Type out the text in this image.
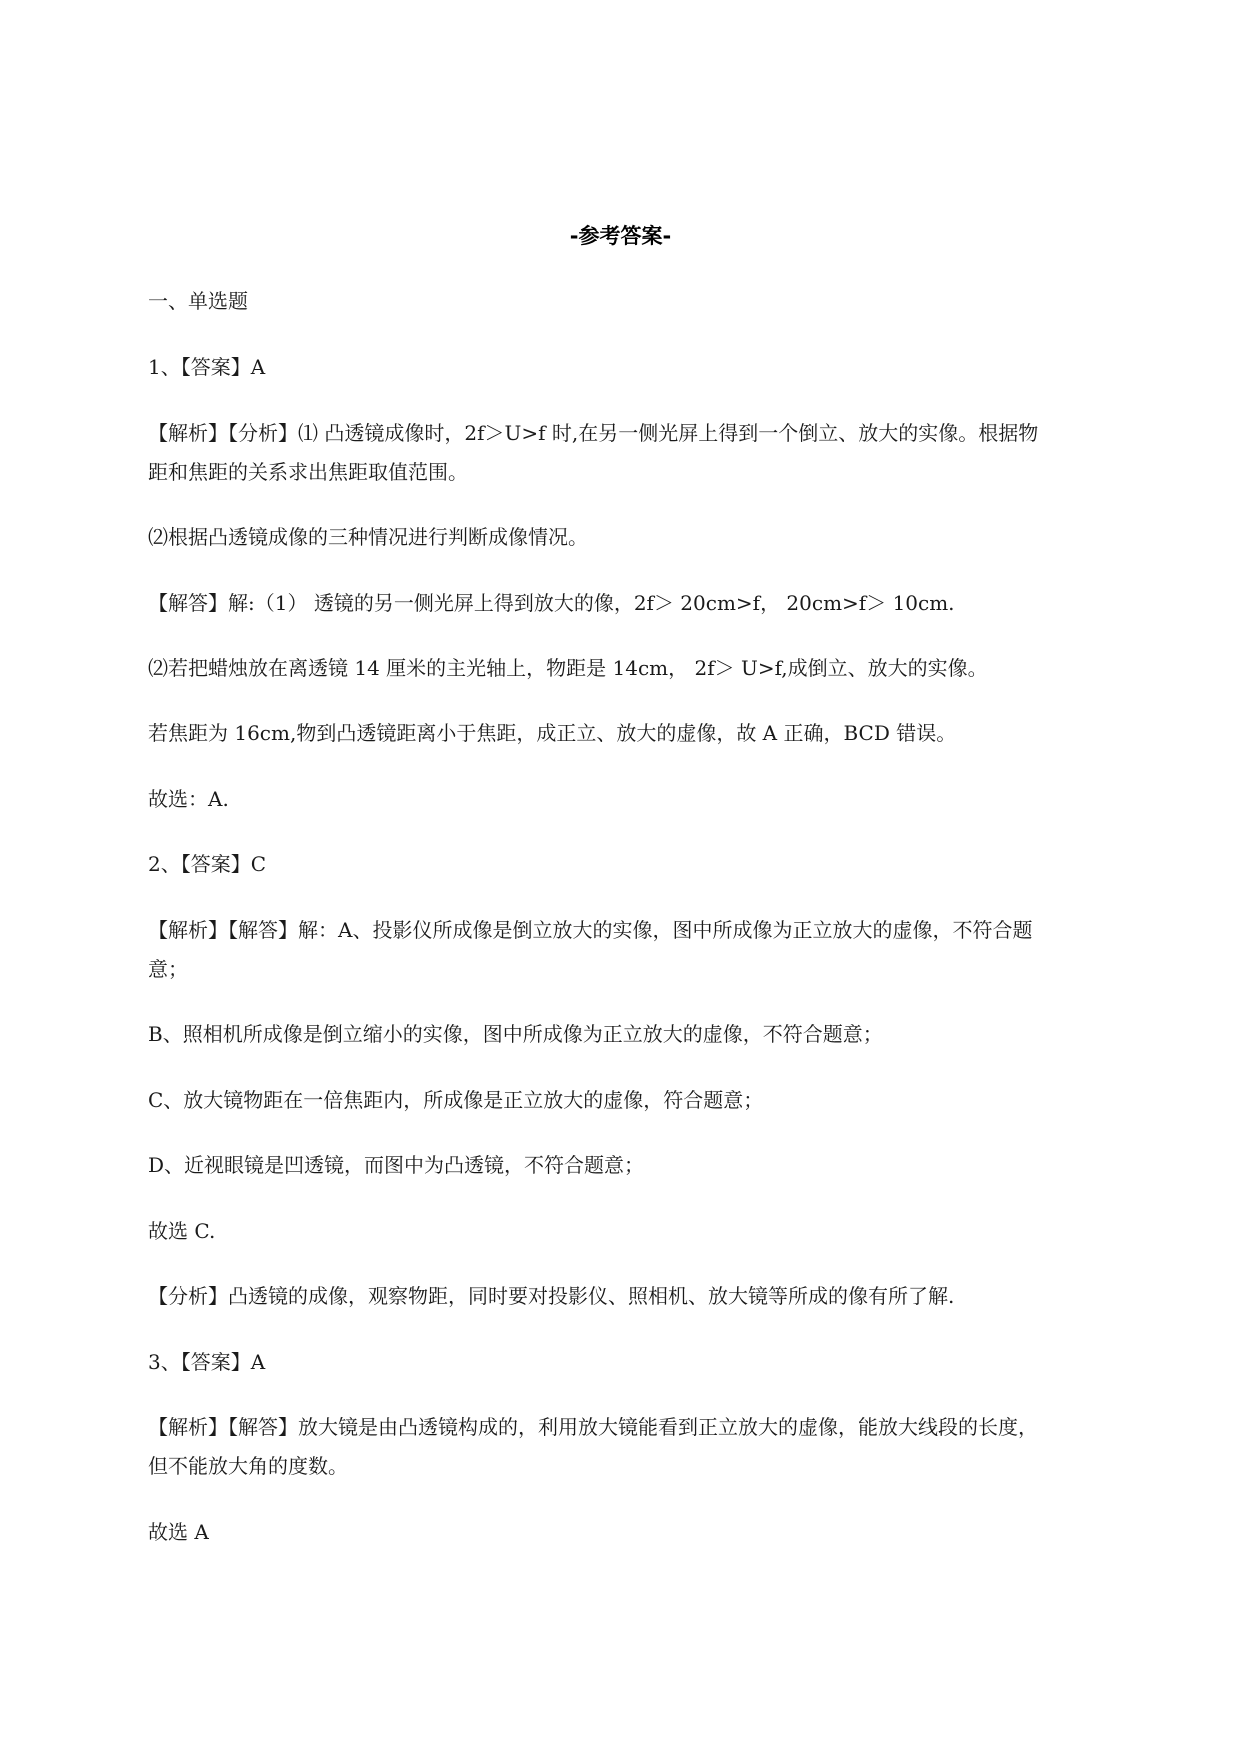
-参考答案-
一、单选题
1、【答案】A
【解析】【分析】⑴ 凸透镜成像时，2f＞U>f 时,在另一侧光屏上得到一个倒立、放大的实像。根据物
距和焦距的关系求出焦距取值范围。
⑵根据凸透镜成像的三种情况进行判断成像情况。
【解答】解:（1） 透镜的另一侧光屏上得到放大的像，2f＞ 20cm>f， 20cm>f＞ 10cm.
⑵若把蜡烛放在离透镜 14 厘米的主光轴上，物距是 14cm， 2f＞ U>f,成倒立、放大的实像。
若焦距为 16cm,物到凸透镜距离小于焦距，成正立、放大的虚像，故 A 正确，BCD 错误。
故选：A.
2、【答案】C
【解析】【解答】解：A、投影仪所成像是倒立放大的实像，图中所成像为正立放大的虚像，不符合题
意；
B、照相机所成像是倒立缩小的实像，图中所成像为正立放大的虚像，不符合题意；
C、放大镜物距在一倍焦距内，所成像是正立放大的虚像，符合题意；
D、近视眼镜是凹透镜，而图中为凸透镜，不符合题意；
故选 C.
【分析】凸透镜的成像，观察物距，同时要对投影仪、照相机、放大镜等所成的像有所了解.
3、【答案】A
【解析】【解答】放大镜是由凸透镜构成的，利用放大镜能看到正立放大的虚像，能放大线段的长度，
但不能放大角的度数。
故选 A
